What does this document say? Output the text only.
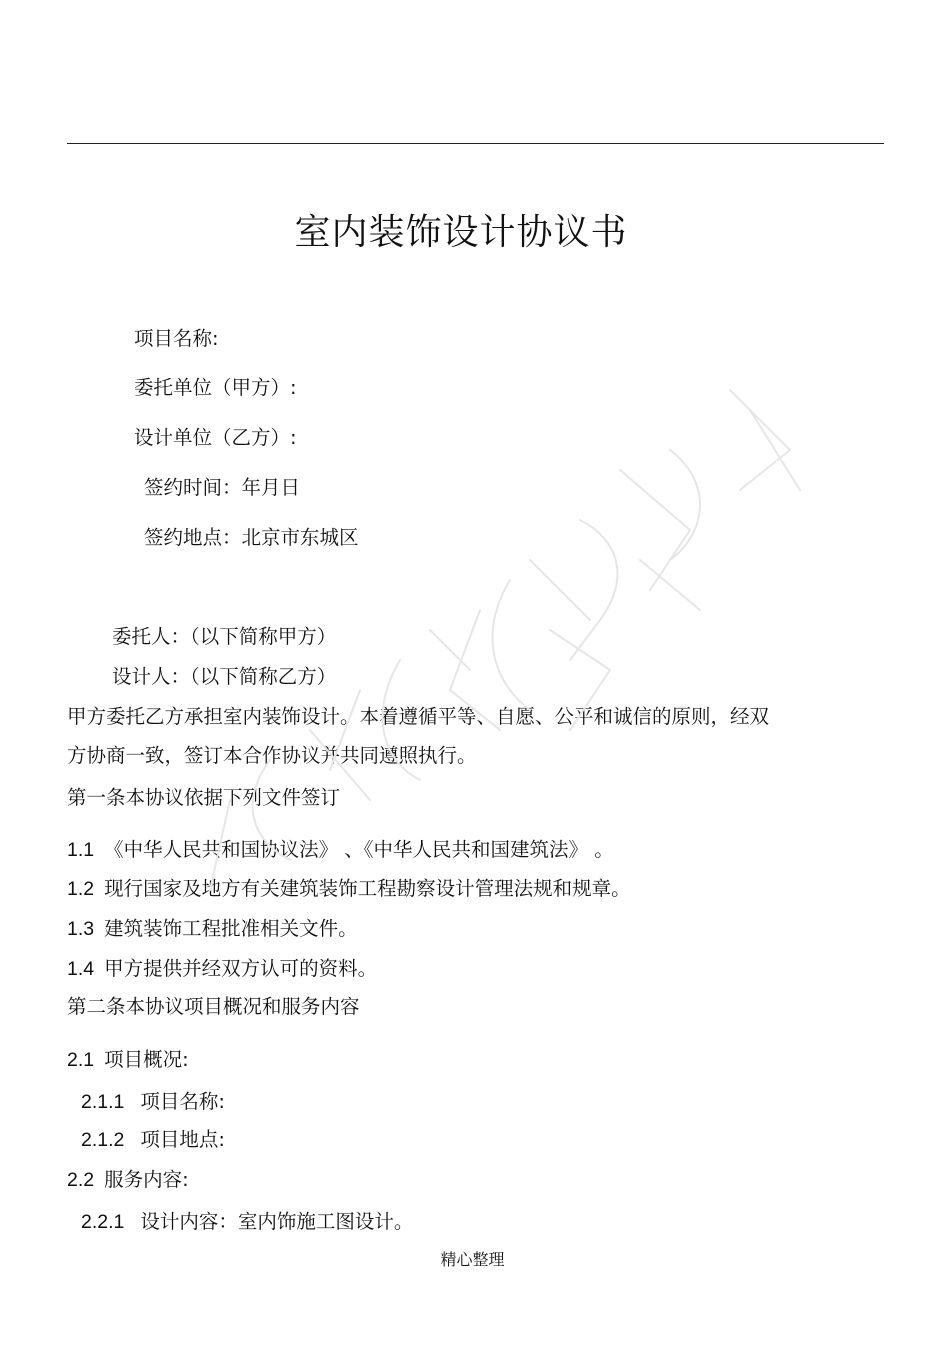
室内装饰设计协议书
项目名称:
委托单位（甲方）:
设计单位（乙方）:
签约时间：年月日
签约地点：北京市东城区
委托人：（以下简称甲方）
设计人：（以下简称乙方）
甲方委托乙方承担室内装饰设计。本着遵循平等、自愿、公平和诚信的原则，经双
方协商一致，签订本合作协议并共同遵照执行。
第一条本协议依据下列文件签订
1.1 《中华人民共和国协议法》 、《中华人民共和国建筑法》 。
1.2 现行国家及地方有关建筑装饰工程勘察设计管理法规和规章。
1.3 建筑装饰工程批准相关文件。
1.4 甲方提供并经双方认可的资料。
第二条本协议项目概况和服务内容
2.1 项目概况:
2.1.1 项目名称:
2.1.2 项目地点:
2.2 服务内容:
2.2.1 设计内容：室内饰施工图设计。
精心整理
